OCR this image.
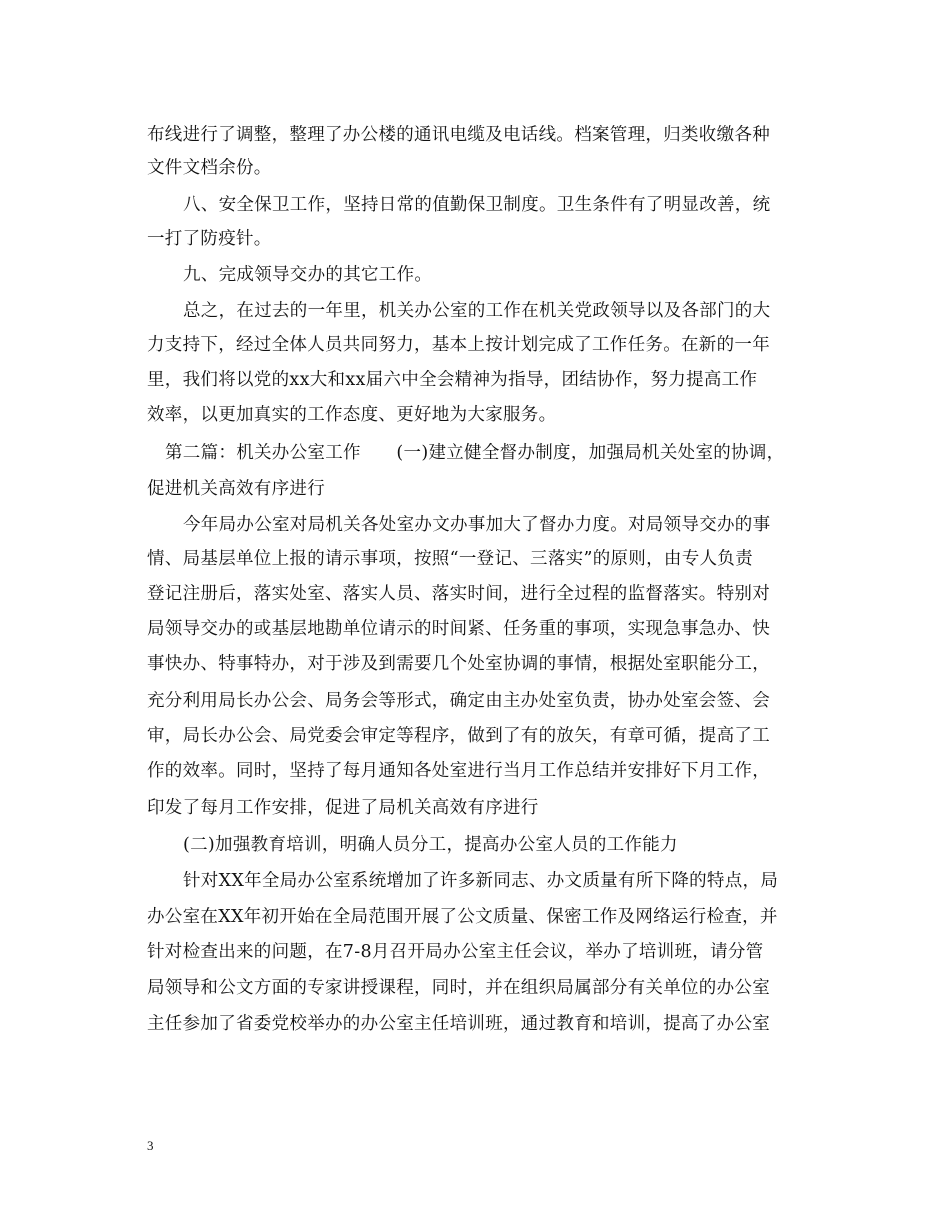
布线进行了调整，整理了办公楼的通讯电缆及电话线。档案管理，归类收缴各种
文件文档余份。
八、安全保卫工作，坚持日常的值勤保卫制度。卫生条件有了明显改善，统
一打了防疫针。
九、完成领导交办的其它工作。
总之，在过去的一年里，机关办公室的工作在机关党政领导以及各部门的大
力支持下，经过全体人员共同努力，基本上按计划完成了工作任务。在新的一年
里，我们将以党的xx大和xx届六中全会精神为指导，团结协作，努力提高工作
效率，以更加真实的工作态度、更好地为大家服务。
第二篇：机关办公室工作　　(一)建立健全督办制度，加强局机关处室的协调，
促进机关高效有序进行
今年局办公室对局机关各处室办文办事加大了督办力度。对局领导交办的事
情、局基层单位上报的请示事项，按照“一登记、三落实”的原则，由专人负责
登记注册后，落实处室、落实人员、落实时间，进行全过程的监督落实。特别对
局领导交办的或基层地勘单位请示的时间紧、任务重的事项，实现急事急办、快
事快办、特事特办，对于涉及到需要几个处室协调的事情，根据处室职能分工，
充分利用局长办公会、局务会等形式，确定由主办处室负责，协办处室会签、会
审，局长办公会、局党委会审定等程序，做到了有的放矢，有章可循，提高了工
作的效率。同时，坚持了每月通知各处室进行当月工作总结并安排好下月工作，
印发了每月工作安排，促进了局机关高效有序进行
(二)加强教育培训，明确人员分工，提高办公室人员的工作能力
针对XX年全局办公室系统增加了许多新同志、办文质量有所下降的特点，局
办公室在XX年初开始在全局范围开展了公文质量、保密工作及网络运行检查，并
针对检查出来的问题，在7-8月召开局办公室主任会议，举办了培训班，请分管
局领导和公文方面的专家讲授课程，同时，并在组织局属部分有关单位的办公室
主任参加了省委党校举办的办公室主任培训班，通过教育和培训，提高了办公室
3
